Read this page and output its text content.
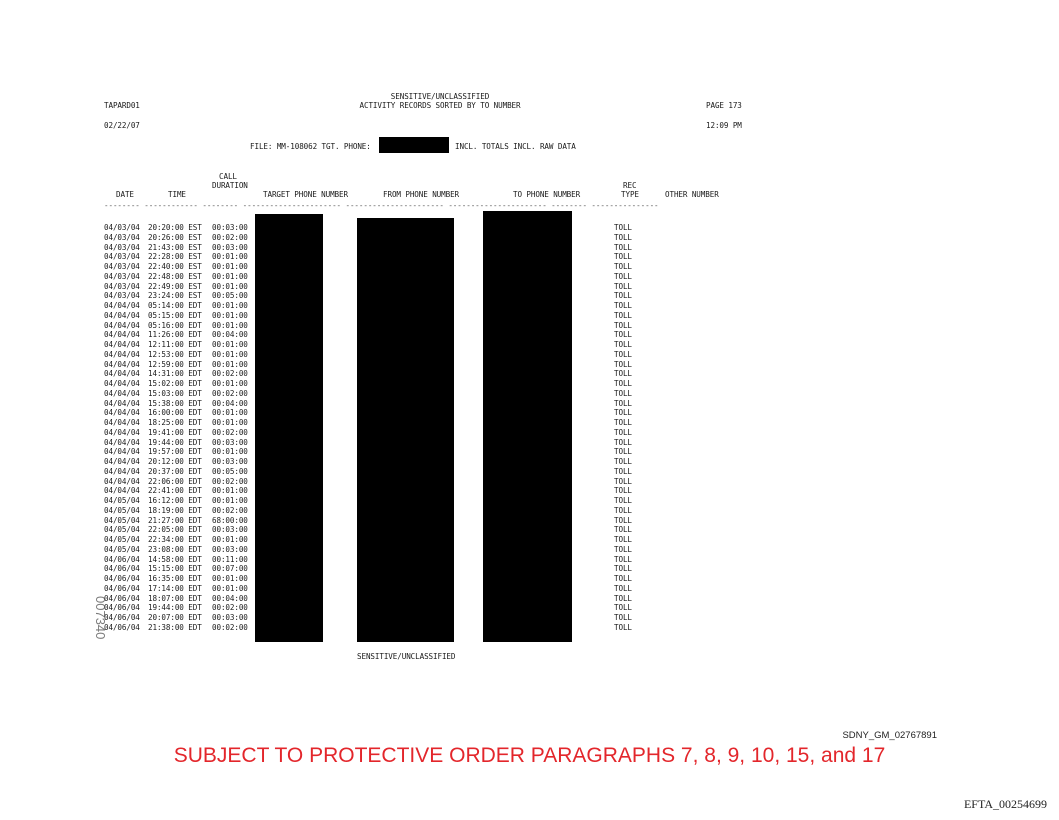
TAPARD01
02/22/07
SENSITIVE/UNCLASSIFIED
ACTIVITY RECORDS SORTED BY TO NUMBER	PAGE 173
12:09 PM
FILE: MM-108062 TGT. PHONE:	INCL. TOTALS INCL. RAW DATA
CALL
DURATION
DATE	TIME	TARGET PHONE NUMBER	FROM PHONE NUMBER	TO PHONE NUMBER
REC
TYPE	OTHER NUMBER
-------- ------------ -------- ---------------------- ---------------------- ---------------------- -------- ---------------
04/03/04 20:20:00 EST 00:03:00	TOLL
04/03/04 20:26:00 EST 00:02:00	TOLL
04/03/04 21:43:00 EST 00:03:00	TOLL
04/03/04 22:28:00 EST 00:01:00	TOLL
04/03/04 22:40:00 EST 00:01:00	TOLL
04/03/04 22:48:00 EST 00:01:00	TOLL
04/03/04 22:49:00 EST 00:01:00	TOLL
04/03/04 23:24:00 EST 00:05:00	TOLL
04/04/04 05:14:00 EDT 00:01:00	TOLL
04/04/04 05:15:00 EDT 00:01:00	TOLL
04/04/04 05:16:00 EDT 00:01:00	TOLL
04/04/04 11:26:00 EDT 00:04:00	TOLL
04/04/04 12:11:00 EDT 00:01:00	TOLL
04/04/04 12:53:00 EDT 00:01:00	TOLL
04/04/04 12:59:00 EDT 00:01:00	TOLL
04/04/04 14:31:00 EDT 00:02:00	TOLL
04/04/04 15:02:00 EDT 00:01:00	TOLL
04/04/04 15:03:00 EDT 00:02:00	TOLL
04/04/04 15:38:00 EDT 00:04:00	TOLL
04/04/04 16:00:00 EDT 00:01:00	TOLL
04/04/04 18:25:00 EDT 00:01:00	TOLL
04/04/04 19:41:00 EDT 00:02:00	TOLL
04/04/04 19:44:00 EDT 00:03:00	TOLL
04/04/04 19:57:00 EDT 00:01:00	TOLL
04/04/04 20:12:00 EDT 00:03:00	TOLL
04/04/04 20:37:00 EDT 00:05:00	TOLL
04/04/04 22:06:00 EDT 00:02:00	TOLL
04/04/04 22:41:00 EDT 00:01:00	TOLL
04/05/04 16:12:00 EDT 00:01:00	TOLL
04/05/04 18:19:00 EDT 00:02:00	TOLL
04/05/04 21:27:00 EDT 68:00:00	TOLL
04/05/04 22:05:00 EDT 00:03:00	TOLL
04/05/04 22:34:00 EDT 00:01:00	TOLL
04/05/04 23:08:00 EDT 00:03:00	TOLL
04/06/04 14:58:00 EDT 00:11:00	TOLL
04/06/04 15:15:00 EDT 00:07:00	TOLL
04/06/04 16:35:00 EDT 00:01:00	TOLL
04/06/04 17:14:00 EDT 00:01:00	TOLL
04/06/04 18:07:00 EDT 00:04:00	TOLL
04/06/04 19:44:00 EDT 00:02:00	TOLL
04/06/04 20:07:00 EDT 00:03:00	TOLL
04/06/04 21:38:00 EDT 00:02:00	TOLL
SENSITIVE/UNCLASSIFIED
007340
SDNY_GM_02767891
SUBJECT TO PROTECTIVE ORDER PARAGRAPHS 7, 8, 9, 10, 15, and 17
EFTA_00254699
